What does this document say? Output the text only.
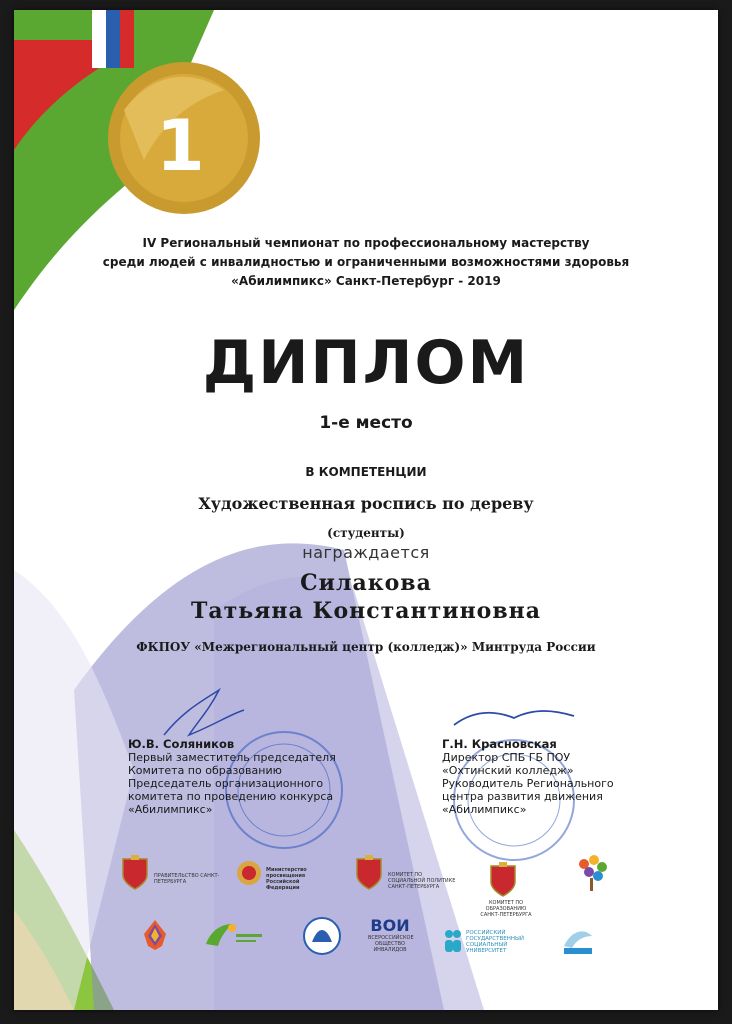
1
IV Региональный чемпионат по профессиональному мастерству
среди людей с инвалидностью и ограниченными возможностями здоровья
«Абилимпикс» Санкт-Петербург - 2019
ДИПЛОМ
1-е место
В КОМПЕТЕНЦИИ
Художественная роспись по дереву
(студенты)
награждается
Силакова
Татьяна Константиновна
ФКПОУ «Межрегиональный центр (колледж)» Минтруда России
Ю.В. Соляников
Первый заместитель председателя
Комитета по образованию
Председатель организационного
комитета по проведению конкурса
«Абилимпикс»
Г.Н. Красновская
Директор СПБ ГБ ПОУ
«Охтинский колледж»
Руководитель Регионального
центра развития движения
«Абилимпикс»
ПРАВИТЕЛЬСТВО САНКТ-ПЕТЕРБУРГА
Министерство просвещения Российской Федерации
КОМИТЕТ ПО СОЦИАЛЬНОЙ ПОЛИТИКЕ САНКТ-ПЕТЕРБУРГА
КОМИТЕТ ПО ОБРАЗОВАНИЮ САНКТ-ПЕТЕРБУРГА
ВОИ
ВСЕРОССИЙСКОЕ ОБЩЕСТВО ИНВАЛИДОВ
РОССИЙСКИЙ ГОСУДАРСТВЕННЫЙ СОЦИАЛЬНЫЙ УНИВЕРСИТЕТ
